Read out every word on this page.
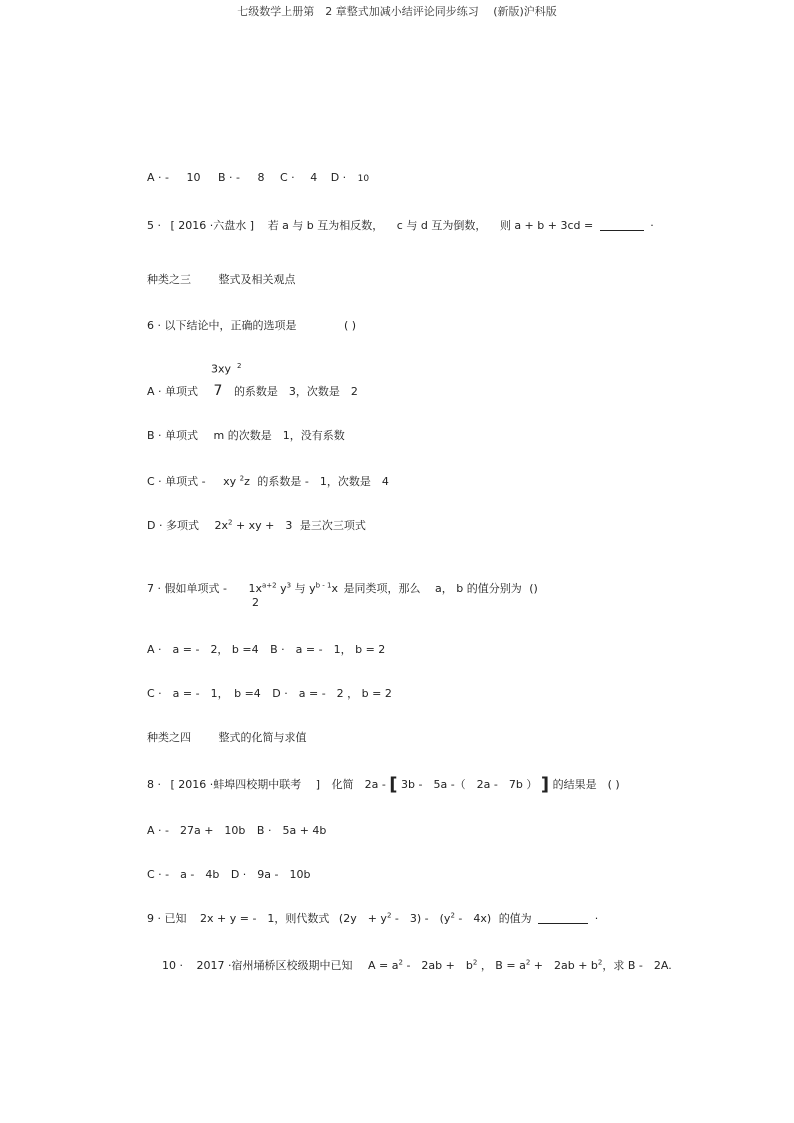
七级数学上册第　2 章整式加减小结评论同步练习　 (新版)沪科版
A · - 10 B · - 8 C · 4 D · 10
5 · [ 2016 ·六盘水 ] 若 a 与 b 互为相反数， c 与 d 互为倒数， 则 a + b + 3cd =	·
种类之三	整式及相关观点
6 · 以下结论中，正确的选项是	( )
3xy $^2$
A · 单项式 7 的系数是　3，次数是　2
B · 单项式 m 的次数是　1，没有系数
C · 单项式 - xy $^2$z 的系数是 -　1，次数是　4
D · 多项式 $2x^2$ + xy +　3 是三次三项式
7 · 假如单项式 - $1x^{a+2}$ $y^3$ 与 $y^{b - 1}x$ 是同类项，那么　 a， b 的值分别为 ()
2
A ·　a = -　2， b =4 B ·　a = -　1， b = 2
C ·　a = -　1，　b =4 D ·　a = -　2 ， b = 2
种类之四	整式的化简与求值
8 · [ 2016 ·蚌埠四校期中联考　 ] 化简　2a - [ 3b -　5a -（　2a -　7b ） ] 的结果是　( )
A · -　27a +　10b B ·　5a + 4b
C · -　a -　4b D ·　9a -　10b
9 · 已知 2x + y = -　1，则代数式 (2y　+ $y^2$ -　3) -　($y^2$ -　4x) 的值为	·
10 · 2017 ·宿州埇桥区校级期中已知 $A = a^2$ -　2ab +　$b^2$ ， $B = a^2$ +　$2ab + b^2$，求 B -　2A.
